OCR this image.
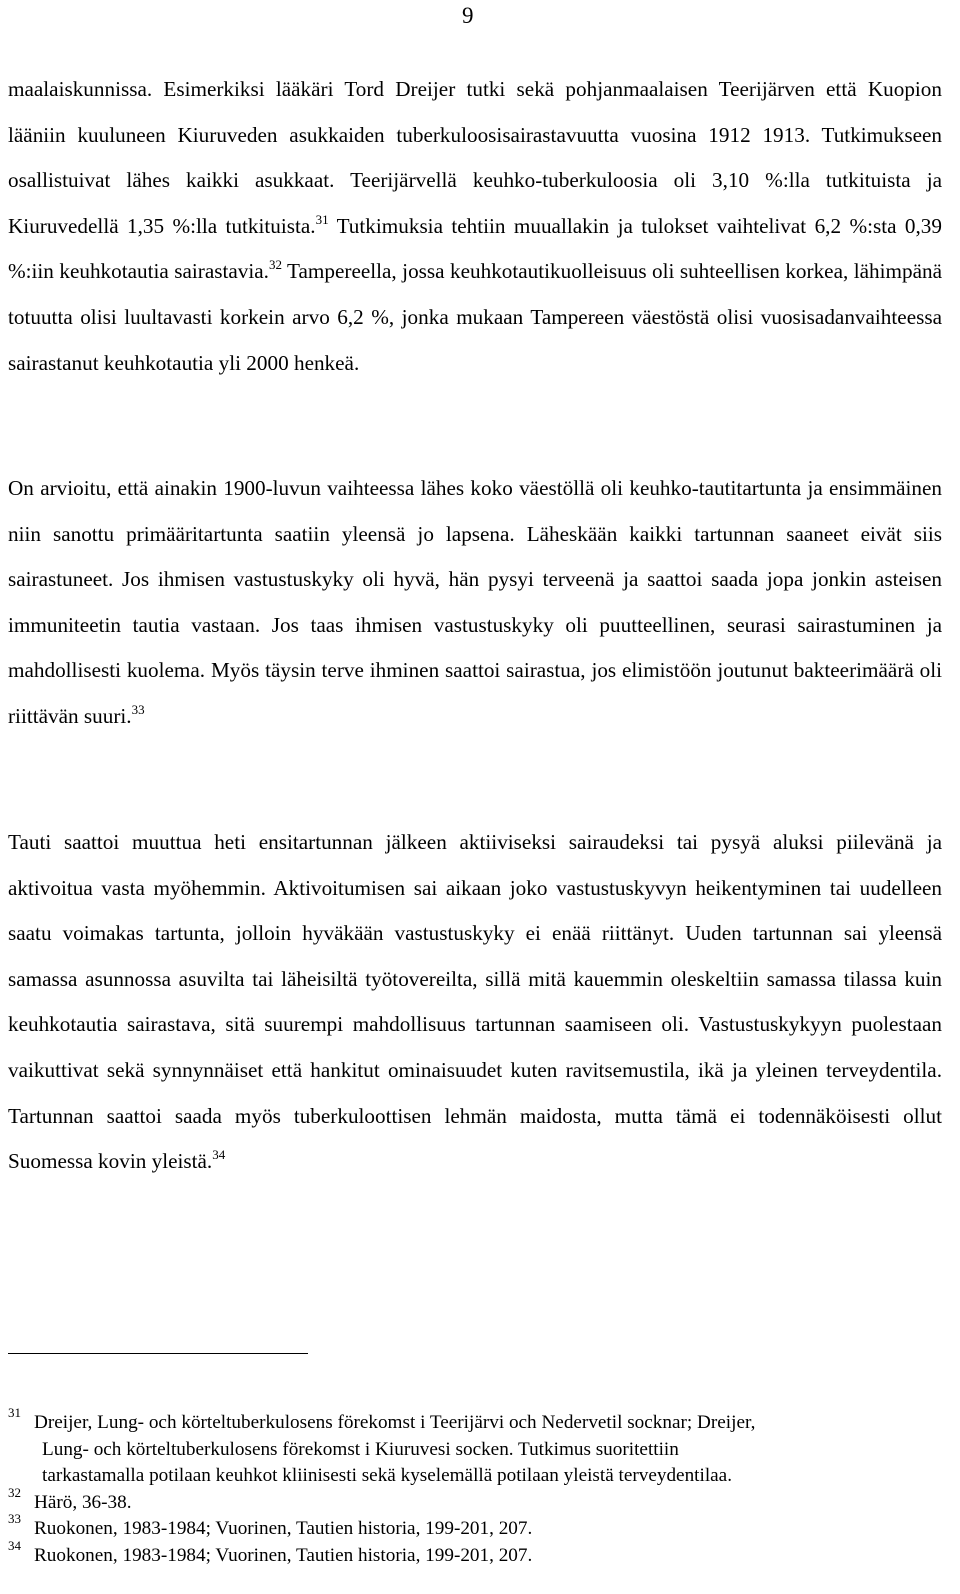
9
maalaiskunnissa. Esimerkiksi lääkäri Tord Dreijer tutki sekä pohjanmaalaisen Teerijärven että Kuopion lääniin kuuluneen Kiuruveden asukkaiden tuberkuloosisairastavuutta vuosina 1912 1913. Tutkimukseen osallistuivat lähes kaikki asukkaat. Teerijärvellä keuhko-tuberkuloosia oli 3,10 %:lla tutkituista ja Kiuruvedellä 1,35 %:lla tutkituista.$^{31}$ Tutkimuksia tehtiin muuallakin ja tulokset vaihtelivat 6,2 %:sta 0,39 %:iin keuhkotautia sairastavia.$^{32}$ Tampereella, jossa keuhkotautikuolleisuus oli suhteellisen korkea, lähimpänä totuutta olisi luultavasti korkein arvo 6,2 %, jonka mukaan Tampereen väestöstä olisi vuosisadanvaihteessa sairastanut keuhkotautia yli 2000 henkeä.
On arvioitu, että ainakin 1900-luvun vaihteessa lähes koko väestöllä oli keuhko-tautitartunta ja ensimmäinen niin sanottu primääritartunta saatiin yleensä jo lapsena. Läheskään kaikki tartunnan saaneet eivät siis sairastuneet. Jos ihmisen vastustuskyky oli hyvä, hän pysyi terveenä ja saattoi saada jopa jonkin asteisen immuniteetin tautia vastaan. Jos taas ihmisen vastustuskyky oli puutteellinen, seurasi sairastuminen ja mahdollisesti kuolema. Myös täysin terve ihminen saattoi sairastua, jos elimistöön joutunut bakteerimäärä oli riittävän suuri.$^{33}$
Tauti saattoi muuttua heti ensitartunnan jälkeen aktiiviseksi sairaudeksi tai pysyä aluksi piilevänä ja aktivoitua vasta myöhemmin. Aktivoitumisen sai aikaan joko vastustuskyvyn heikentyminen tai uudelleen saatu voimakas tartunta, jolloin hyväkään vastustuskyky ei enää riittänyt. Uuden tartunnan sai yleensä samassa asunnossa asuvilta tai läheisiltä työtovereilta, sillä mitä kauemmin oleskeltiin samassa tilassa kuin keuhkotautia sairastava, sitä suurempi mahdollisuus tartunnan saamiseen oli. Vastustuskykyyn puolestaan vaikuttivat sekä synnynnäiset että hankitut ominaisuudet kuten ravitsemustila, ikä ja yleinen terveydentila. Tartunnan saattoi saada myös tuberkuloottisen lehmän maidosta, mutta tämä ei todennäköisesti ollut Suomessa kovin yleistä.$^{34}$
31 Dreijer, Lung- och körteltuberkulosens förekomst i Teerijärvi och Nedervetil socknar; Dreijer,
Lung- och körteltuberkulosens förekomst i Kiuruvesi socken. Tutkimus suoritettiin
tarkastamalla potilaan keuhkot kliinisesti sekä kyselemällä potilaan yleistä terveydentilaa.
32 Härö, 36-38.
33 Ruokonen, 1983-1984; Vuorinen, Tautien historia, 199-201, 207.
34 Ruokonen, 1983-1984; Vuorinen, Tautien historia, 199-201, 207.
